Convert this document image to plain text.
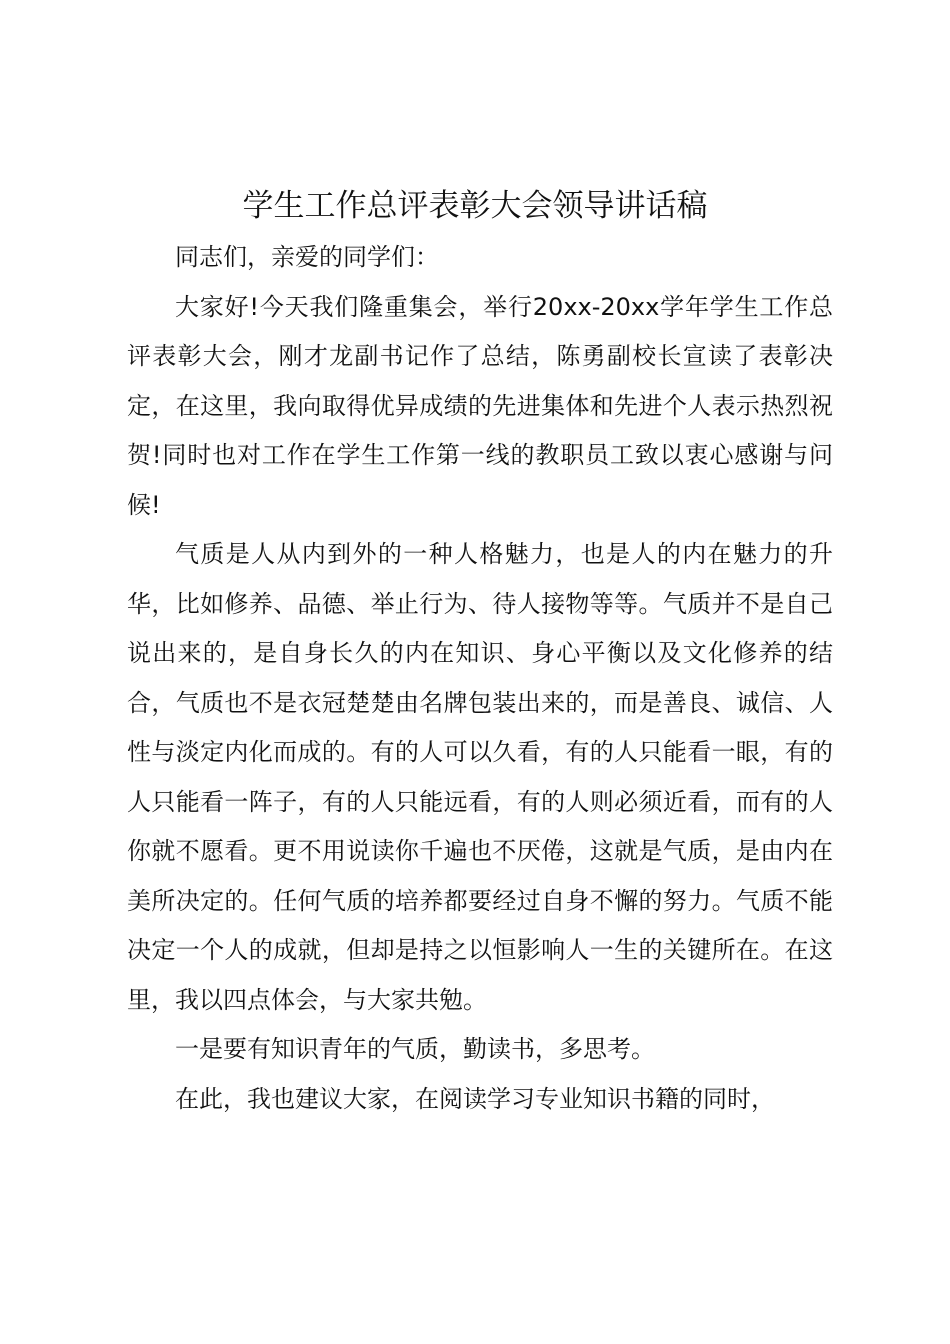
学生工作总评表彰大会领导讲话稿

同志们，亲爱的同学们：

大家好!今天我们隆重集会，举行20xx-20xx学年学生工作总评表彰大会，刚才龙副书记作了总结，陈勇副校长宣读了表彰决定，在这里，我向取得优异成绩的先进集体和先进个人表示热烈祝贺!同时也对工作在学生工作第一线的教职员工致以衷心感谢与问候!

气质是人从内到外的一种人格魅力，也是人的内在魅力的升华，比如修养、品德、举止行为、待人接物等等。气质并不是自己说出来的，是自身长久的内在知识、身心平衡以及文化修养的结合，气质也不是衣冠楚楚由名牌包装出来的，而是善良、诚信、人性与淡定内化而成的。有的人可以久看，有的人只能看一眼，有的人只能看一阵子，有的人只能远看，有的人则必须近看，而有的人你就不愿看。更不用说读你千遍也不厌倦，这就是气质，是由内在美所决定的。任何气质的培养都要经过自身不懈的努力。气质不能决定一个人的成就，但却是持之以恒影响人一生的关键所在。在这里，我以四点体会，与大家共勉。

一是要有知识青年的气质，勤读书，多思考。

在此，我也建议大家，在阅读学习专业知识书籍的同时，
